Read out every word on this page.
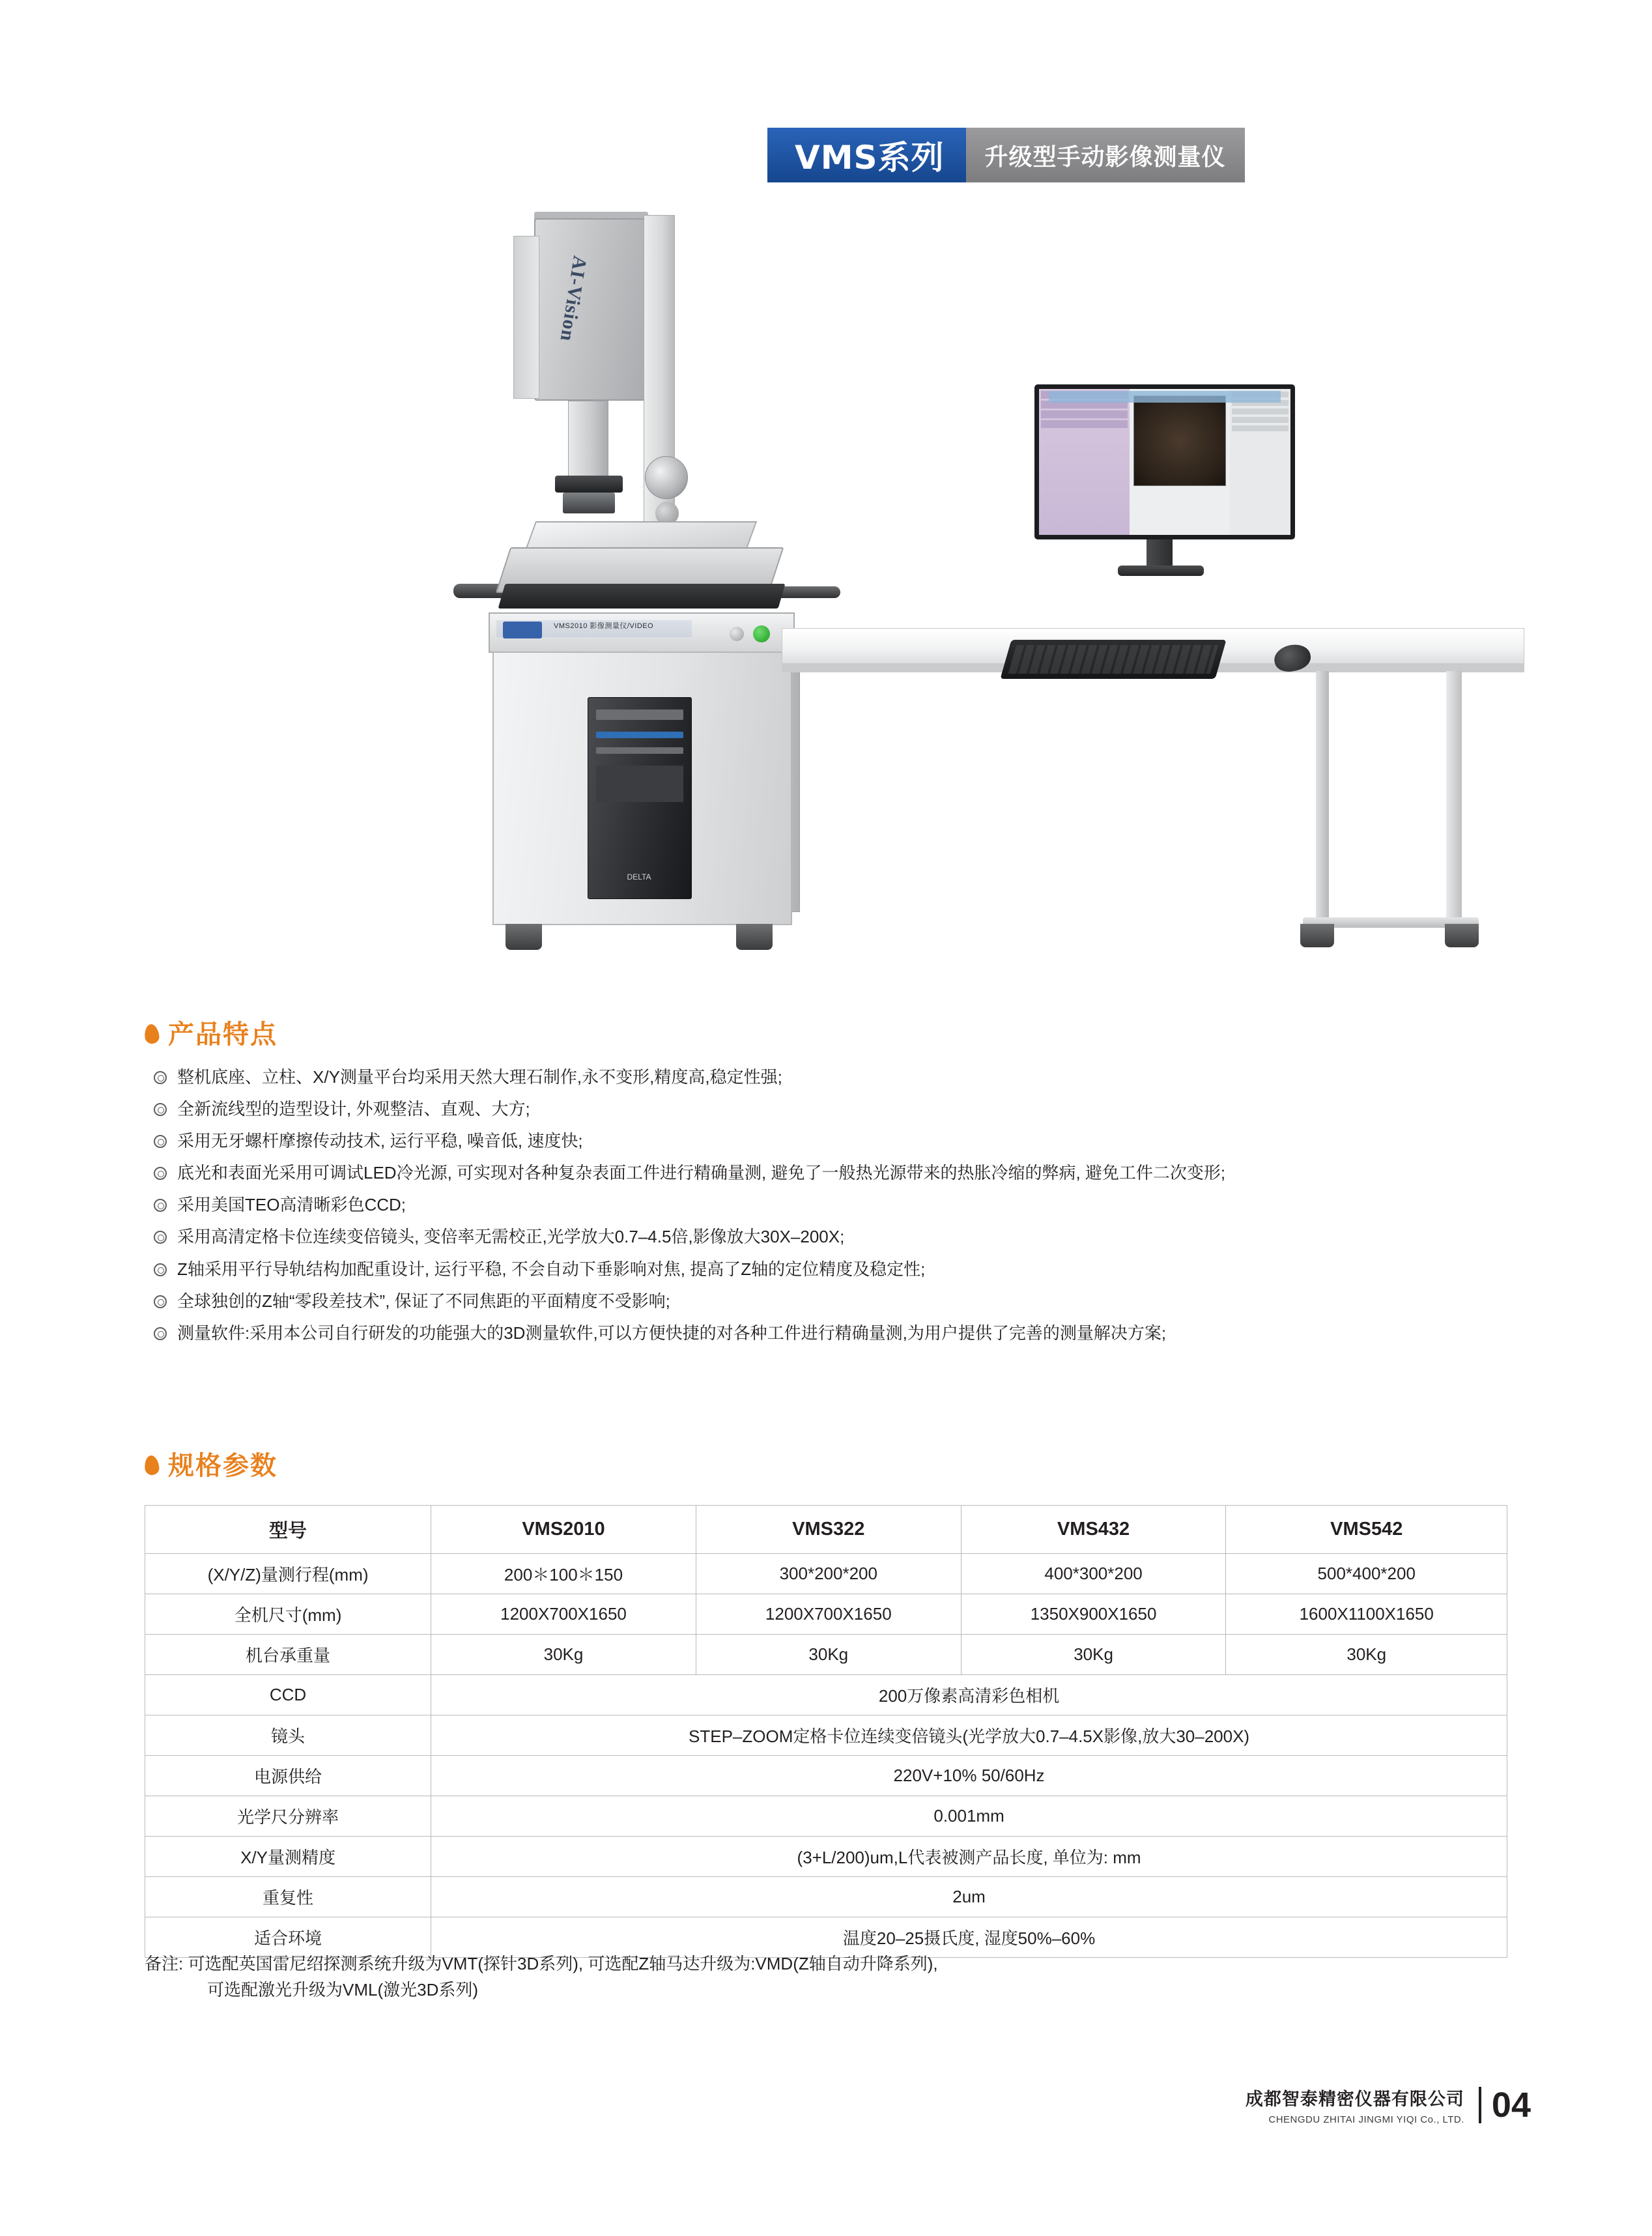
VMS系列	升级型手动影像测量仪
AI-Vision
VMS2010 影像测量仪/VIDEO
DELTA
产品特点
整机底座、立柱、X/Y测量平台均采用天然大理石制作,永不变形,精度高,稳定性强;
全新流线型的造型设计, 外观整洁、直观、大方;
采用无牙螺杆摩擦传动技术, 运行平稳, 噪音低, 速度快;
底光和表面光采用可调试LED冷光源, 可实现对各种复杂表面工件进行精确量测, 避免了一般热光源带来的热胀冷缩的弊病, 避免工件二次变形;
采用美国TEO高清晰彩色CCD;
采用高清定格卡位连续变倍镜头, 变倍率无需校正,光学放大0.7–4.5倍,影像放大30X–200X;
Z轴采用平行导轨结构加配重设计, 运行平稳, 不会自动下垂影响对焦, 提高了Z轴的定位精度及稳定性;
全球独创的Z轴“零段差技术”, 保证了不同焦距的平面精度不受影响;
测量软件:采用本公司自行研发的功能强大的3D测量软件,可以方便快捷的对各种工件进行精确量测,为用户提供了完善的测量解决方案;
规格参数
型号	VMS2010	VMS322	VMS432	VMS542
(X/Y/Z)量测行程(mm)	200＊100＊150	300*200*200	400*300*200	500*400*200
全机尺寸(mm)	1200X700X1650	1200X700X1650	1350X900X1650	1600X1100X1650
机台承重量	30Kg	30Kg	30Kg	30Kg
CCD	200万像素高清彩色相机			
镜头	STEP–ZOOM定格卡位连续变倍镜头(光学放大0.7–4.5X影像,放大30–200X)			
电源供给	220V+10% 50/60Hz			
光学尺分辨率	0.001mm			
X/Y量测精度	(3+L/200)um,L代表被测产品长度, 单位为: mm			
重复性	2um			
适合环境	温度20–25摄氏度, 湿度50%–60%			
备注: 可选配英国雷尼绍探测系统升级为VMT(探针3D系列), 可选配Z轴马达升级为:VMD(Z轴自动升降系列),
可选配激光升级为VML(激光3D系列)
成都智泰精密仪器有限公司
CHENGDU ZHITAI JINGMI YIQI Co., LTD. 04
